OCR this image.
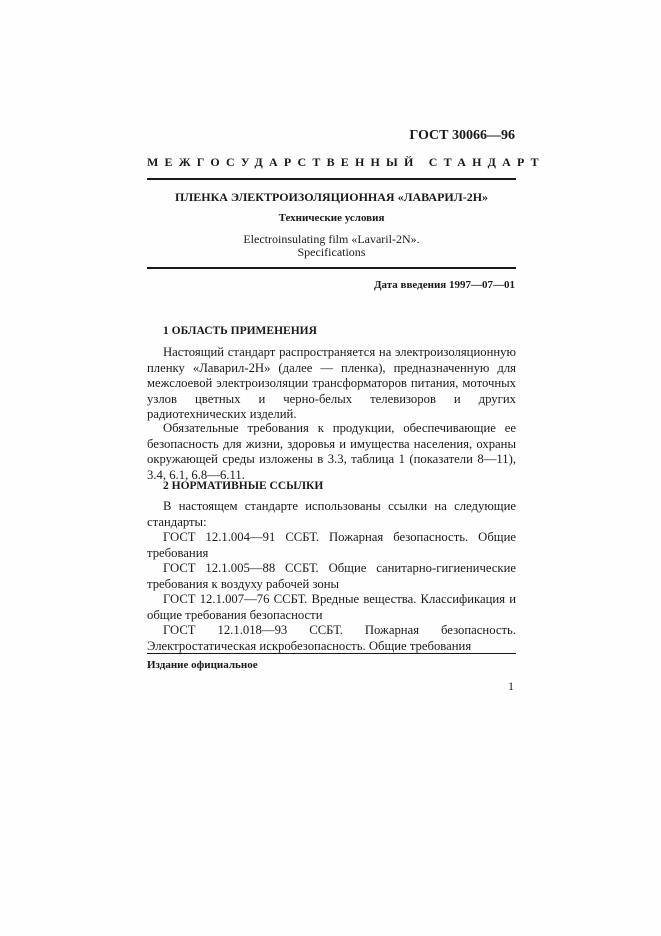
ГОСТ 30066—96
МЕЖГОСУДАРСТВЕННЫЙ СТАНДАРТ
ПЛЕНКА ЭЛЕКТРОИЗОЛЯЦИОННАЯ «ЛАВАРИЛ-2Н»
Технические условия
Electroinsulating film «Lavaril-2N».
Specifications
Дата введения 1997—07—01
1 ОБЛАСТЬ ПРИМЕНЕНИЯ

Настоящий стандарт распространяется на электроизоляционную пленку «Лаварил-2Н» (далее — пленка), предназначенную для межслоевой электроизоляции трансформаторов питания, моточных узлов цветных и черно-белых телевизоров и других радиотехнических изделий.

Обязательные требования к продукции, обеспечивающие ее безопасность для жизни, здоровья и имущества населения, охраны окружающей среды изложены в 3.3, таблица 1 (показатели 8—11), 3.4, 6.1, 6.8—6.11.

2 НОРМАТИВНЫЕ ССЫЛКИ

В настоящем стандарте использованы ссылки на следующие стандарты:

ГОСТ 12.1.004—91 ССБТ. Пожарная безопасность. Общие требования

ГОСТ 12.1.005—88 ССБТ. Общие санитарно-гигиенические требования к воздуху рабочей зоны

ГОСТ 12.1.007—76 ССБТ. Вредные вещества. Классификация и общие требования безопасности

ГОСТ 12.1.018—93 ССБТ. Пожарная безопасность. Электростатическая искробезопасность. Общие требования

Издание официальное
1
